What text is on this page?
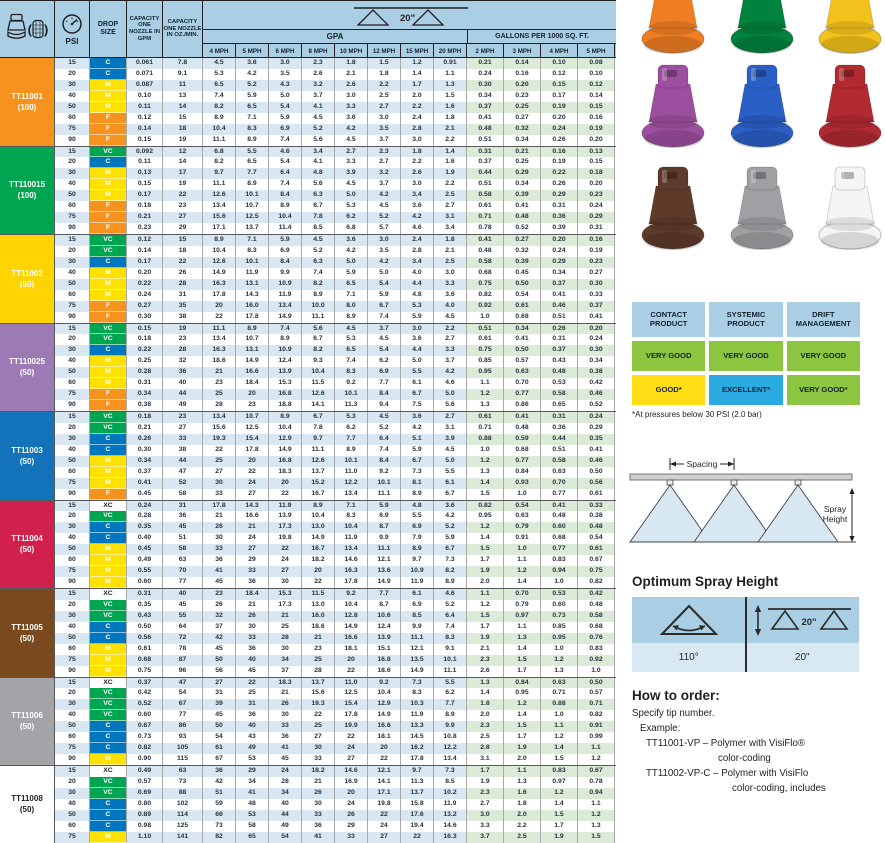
( )
PSI
DROP SIZE
CAPACITY ONE NOZZLE IN GPM
CAPACITY ONE NOZZLE IN OZ./MIN.
20"
GPA	GALLONS PER 1000 SQ. FT.
4 MPH	5 MPH	6 MPH	8 MPH	10 MPH	12 MPH	15 MPH	20 MPH	2 MPH	3 MPH	4 MPH	5 MPH
TT11001
(100)
15	C	0.061	7.8	4.5	3.6	3.0	2.3	1.8	1.5	1.2	0.91	0.21	0.14	0.10	0.08
20	C	0.071	9.1	5.3	4.2	3.5	2.6	2.1	1.8	1.4	1.1	0.24	0.16	0.12	0.10
30	M	0.087	11	6.5	5.2	4.3	3.2	2.6	2.2	1.7	1.3	0.30	0.20	0.15	0.12
40	M	0.10	13	7.4	5.9	5.0	3.7	3.0	2.5	2.0	1.5	0.34	0.23	0.17	0.14
50	M	0.11	14	8.2	6.5	5.4	4.1	3.3	2.7	2.2	1.6	0.37	0.25	0.19	0.15
60	F	0.12	15	8.9	7.1	5.9	4.5	3.6	3.0	2.4	1.8	0.41	0.27	0.20	0.16
75	F	0.14	18	10.4	8.3	6.9	5.2	4.2	3.5	2.8	2.1	0.48	0.32	0.24	0.19
90	F	0.15	19	11.1	8.9	7.4	5.6	4.5	3.7	3.0	2.2	0.51	0.34	0.26	0.20
TT110015
(100)
15	VC	0.092	12	6.8	5.5	4.6	3.4	2.7	2.3	1.8	1.4	0.31	0.21	0.16	0.13
20	C	0.11	14	8.2	6.5	5.4	4.1	3.3	2.7	2.2	1.6	0.37	0.25	0.19	0.15
30	M	0.13	17	9.7	7.7	6.4	4.8	3.9	3.2	2.6	1.9	0.44	0.29	0.22	0.18
40	M	0.15	19	11.1	8.9	7.4	5.6	4.5	3.7	3.0	2.2	0.51	0.34	0.26	0.20
50	M	0.17	22	12.6	10.1	8.4	6.3	5.0	4.2	3.4	2.5	0.58	0.39	0.29	0.23
60	F	0.18	23	13.4	10.7	8.9	6.7	5.3	4.5	3.6	2.7	0.61	0.41	0.31	0.24
75	F	0.21	27	15.6	12.5	10.4	7.8	6.2	5.2	4.2	3.1	0.71	0.48	0.36	0.29
90	F	0.23	29	17.1	13.7	11.4	8.5	6.8	5.7	4.6	3.4	0.78	0.52	0.39	0.31
TT11002
(50)
15	VC	0.12	15	8.9	7.1	5.9	4.5	3.6	3.0	2.4	1.8	0.41	0.27	0.20	0.16
20	VC	0.14	18	10.4	8.3	6.9	5.2	4.2	3.5	2.8	2.1	0.48	0.32	0.24	0.19
30	C	0.17	22	12.6	10.1	8.4	6.3	5.0	4.2	3.4	2.5	0.58	0.39	0.29	0.23
40	M	0.20	26	14.9	11.9	9.9	7.4	5.9	5.0	4.0	3.0	0.68	0.45	0.34	0.27
50	M	0.22	28	16.3	13.1	10.9	8.2	6.5	5.4	4.4	3.3	0.75	0.50	0.37	0.30
60	M	0.24	31	17.8	14.3	11.9	8.9	7.1	5.9	4.8	3.6	0.82	0.54	0.41	0.33
75	F	0.27	35	20	16.0	13.4	10.0	8.0	6.7	5.3	4.0	0.92	0.61	0.46	0.37
90	F	0.30	38	22	17.8	14.9	11.1	8.9	7.4	5.9	4.5	1.0	0.68	0.51	0.41
TT110025
(50)
15	VC	0.15	19	11.1	8.9	7.4	5.6	4.5	3.7	3.0	2.2	0.51	0.34	0.26	0.20
20	VC	0.18	23	13.4	10.7	8.9	6.7	5.3	4.5	3.6	2.7	0.61	0.41	0.31	0.24
30	C	0.22	28	16.3	13.1	10.9	8.2	6.5	5.4	4.4	3.3	0.75	0.50	0.37	0.30
40	M	0.25	32	18.6	14.9	12.4	9.3	7.4	6.2	5.0	3.7	0.85	0.57	0.43	0.34
50	M	0.28	36	21	16.6	13.9	10.4	8.3	6.9	5.5	4.2	0.95	0.63	0.48	0.38
60	M	0.31	40	23	18.4	15.3	11.5	9.2	7.7	6.1	4.6	1.1	0.70	0.53	0.42
75	F	0.34	44	25	20	16.8	12.6	10.1	8.4	6.7	5.0	1.2	0.77	0.58	0.46
90	F	0.38	49	28	23	18.8	14.1	11.3	9.4	7.5	5.6	1.3	0.86	0.65	0.52
TT11003
(50)
15	VC	0.18	23	13.4	10.7	8.9	6.7	5.3	4.5	3.6	2.7	0.61	0.41	0.31	0.24
20	VC	0.21	27	15.6	12.5	10.4	7.8	6.2	5.2	4.2	3.1	0.71	0.48	0.36	0.29
30	C	0.26	33	19.3	15.4	12.9	9.7	7.7	6.4	5.1	3.9	0.88	0.59	0.44	0.35
40	C	0.30	38	22	17.8	14.9	11.1	8.9	7.4	5.9	4.5	1.0	0.68	0.51	0.41
50	M	0.34	44	25	20	16.8	12.6	10.1	8.4	6.7	5.0	1.2	0.77	0.58	0.46
60	M	0.37	47	27	22	18.3	13.7	11.0	9.2	7.3	5.5	1.3	0.84	0.63	0.50
75	M	0.41	52	30	24	20	15.2	12.2	10.1	8.1	6.1	1.4	0.93	0.70	0.56
90	F	0.45	58	33	27	22	16.7	13.4	11.1	8.9	6.7	1.5	1.0	0.77	0.61
TT11004
(50)
15	XC	0.24	31	17.8	14.3	11.9	8.9	7.1	5.9	4.8	3.6	0.82	0.54	0.41	0.33
20	VC	0.28	36	21	16.6	13.9	10.4	8.3	6.9	5.5	4.2	0.95	0.63	0.48	0.38
30	C	0.35	45	26	21	17.3	13.0	10.4	8.7	6.9	5.2	1.2	0.79	0.60	0.48
40	C	0.40	51	30	24	19.8	14.9	11.9	9.9	7.9	5.9	1.4	0.91	0.68	0.54
50	M	0.45	58	33	27	22	16.7	13.4	11.1	8.9	6.7	1.5	1.0	0.77	0.61
60	M	0.49	63	36	29	24	18.2	14.6	12.1	9.7	7.3	1.7	1.1	0.83	0.67
75	M	0.55	70	41	33	27	20	16.3	13.6	10.9	8.2	1.9	1.2	0.94	0.75
90	M	0.60	77	45	36	30	22	17.8	14.9	11.9	8.9	2.0	1.4	1.0	0.82
TT11005
(50)
15	XC	0.31	40	23	18.4	15.3	11.5	9.2	7.7	6.1	4.6	1.1	0.70	0.53	0.42
20	VC	0.35	45	26	21	17.3	13.0	10.4	8.7	6.9	5.2	1.2	0.79	0.60	0.48
30	VC	0.43	55	32	26	21	16.0	12.8	10.6	8.5	6.4	1.5	0.97	0.73	0.58
40	C	0.50	64	37	30	25	18.6	14.9	12.4	9.9	7.4	1.7	1.1	0.85	0.68
50	C	0.56	72	42	33	28	21	16.6	13.9	11.1	8.3	1.9	1.3	0.95	0.76
60	M	0.61	78	45	36	30	23	18.1	15.1	12.1	9.1	2.1	1.4	1.0	0.83
75	M	0.68	87	50	40	34	25	20	16.8	13.5	10.1	2.3	1.5	1.2	0.92
90	M	0.75	96	56	45	37	28	22	18.6	14.9	11.1	2.6	1.7	1.3	1.0
TT11006
(50)
15	XC	0.37	47	27	22	18.3	13.7	11.0	9.2	7.3	5.5	1.3	0.84	0.63	0.50
20	VC	0.42	54	31	25	21	15.6	12.5	10.4	8.3	6.2	1.4	0.95	0.71	0.57
30	VC	0.52	67	39	31	26	19.3	15.4	12.9	10.3	7.7	1.8	1.2	0.88	0.71
40	VC	0.60	77	45	36	30	22	17.8	14.9	11.9	8.9	2.0	1.4	1.0	0.82
50	C	0.67	86	50	40	33	25	19.9	16.6	13.3	9.9	2.3	1.5	1.1	0.91
60	C	0.73	93	54	43	36	27	22	18.1	14.5	10.8	2.5	1.7	1.2	0.99
75	C	0.82	105	61	49	41	30	24	20	16.2	12.2	2.8	1.9	1.4	1.1
90	M	0.90	115	67	53	45	33	27	22	17.8	13.4	3.1	2.0	1.5	1.2
TT11008
(50)
15	XC	0.49	63	36	29	24	18.2	14.6	12.1	9.7	7.3	1.7	1.1	0.83	0.67
20	VC	0.57	73	42	34	28	21	16.9	14.1	11.3	8.5	1.9	1.3	0.97	0.78
30	VC	0.69	88	51	41	34	26	20	17.1	13.7	10.2	2.3	1.6	1.2	0.94
40	C	0.80	102	59	48	40	30	24	19.8	15.8	11.9	2.7	1.8	1.4	1.1
50	C	0.89	114	66	53	44	33	26	22	17.6	13.2	3.0	2.0	1.5	1.2
60	C	0.98	125	73	58	49	36	29	24	19.4	14.6	3.3	2.2	1.7	1.3
75	M	1.10	141	82	65	54	41	33	27	22	16.3	3.7	2.5	1.9	1.5
CONTACT PRODUCT
SYSTEMIC PRODUCT
DRIFT MANAGEMENT
VERY GOOD	VERY GOOD	VERY GOOD
GOOD*	EXCELLENT*	VERY GOOD*
*At pressures below 30 PSI (2.0 bar)
Spacing
Spray
Height
Optimum Spray Height
20"
110°	20"
How to order:
Specify tip number.
Example:
TT11001-VP – Polymer with VisiFlo®
color-coding
TT11002-VP-C – Polymer with VisiFlo
color-coding, includes
